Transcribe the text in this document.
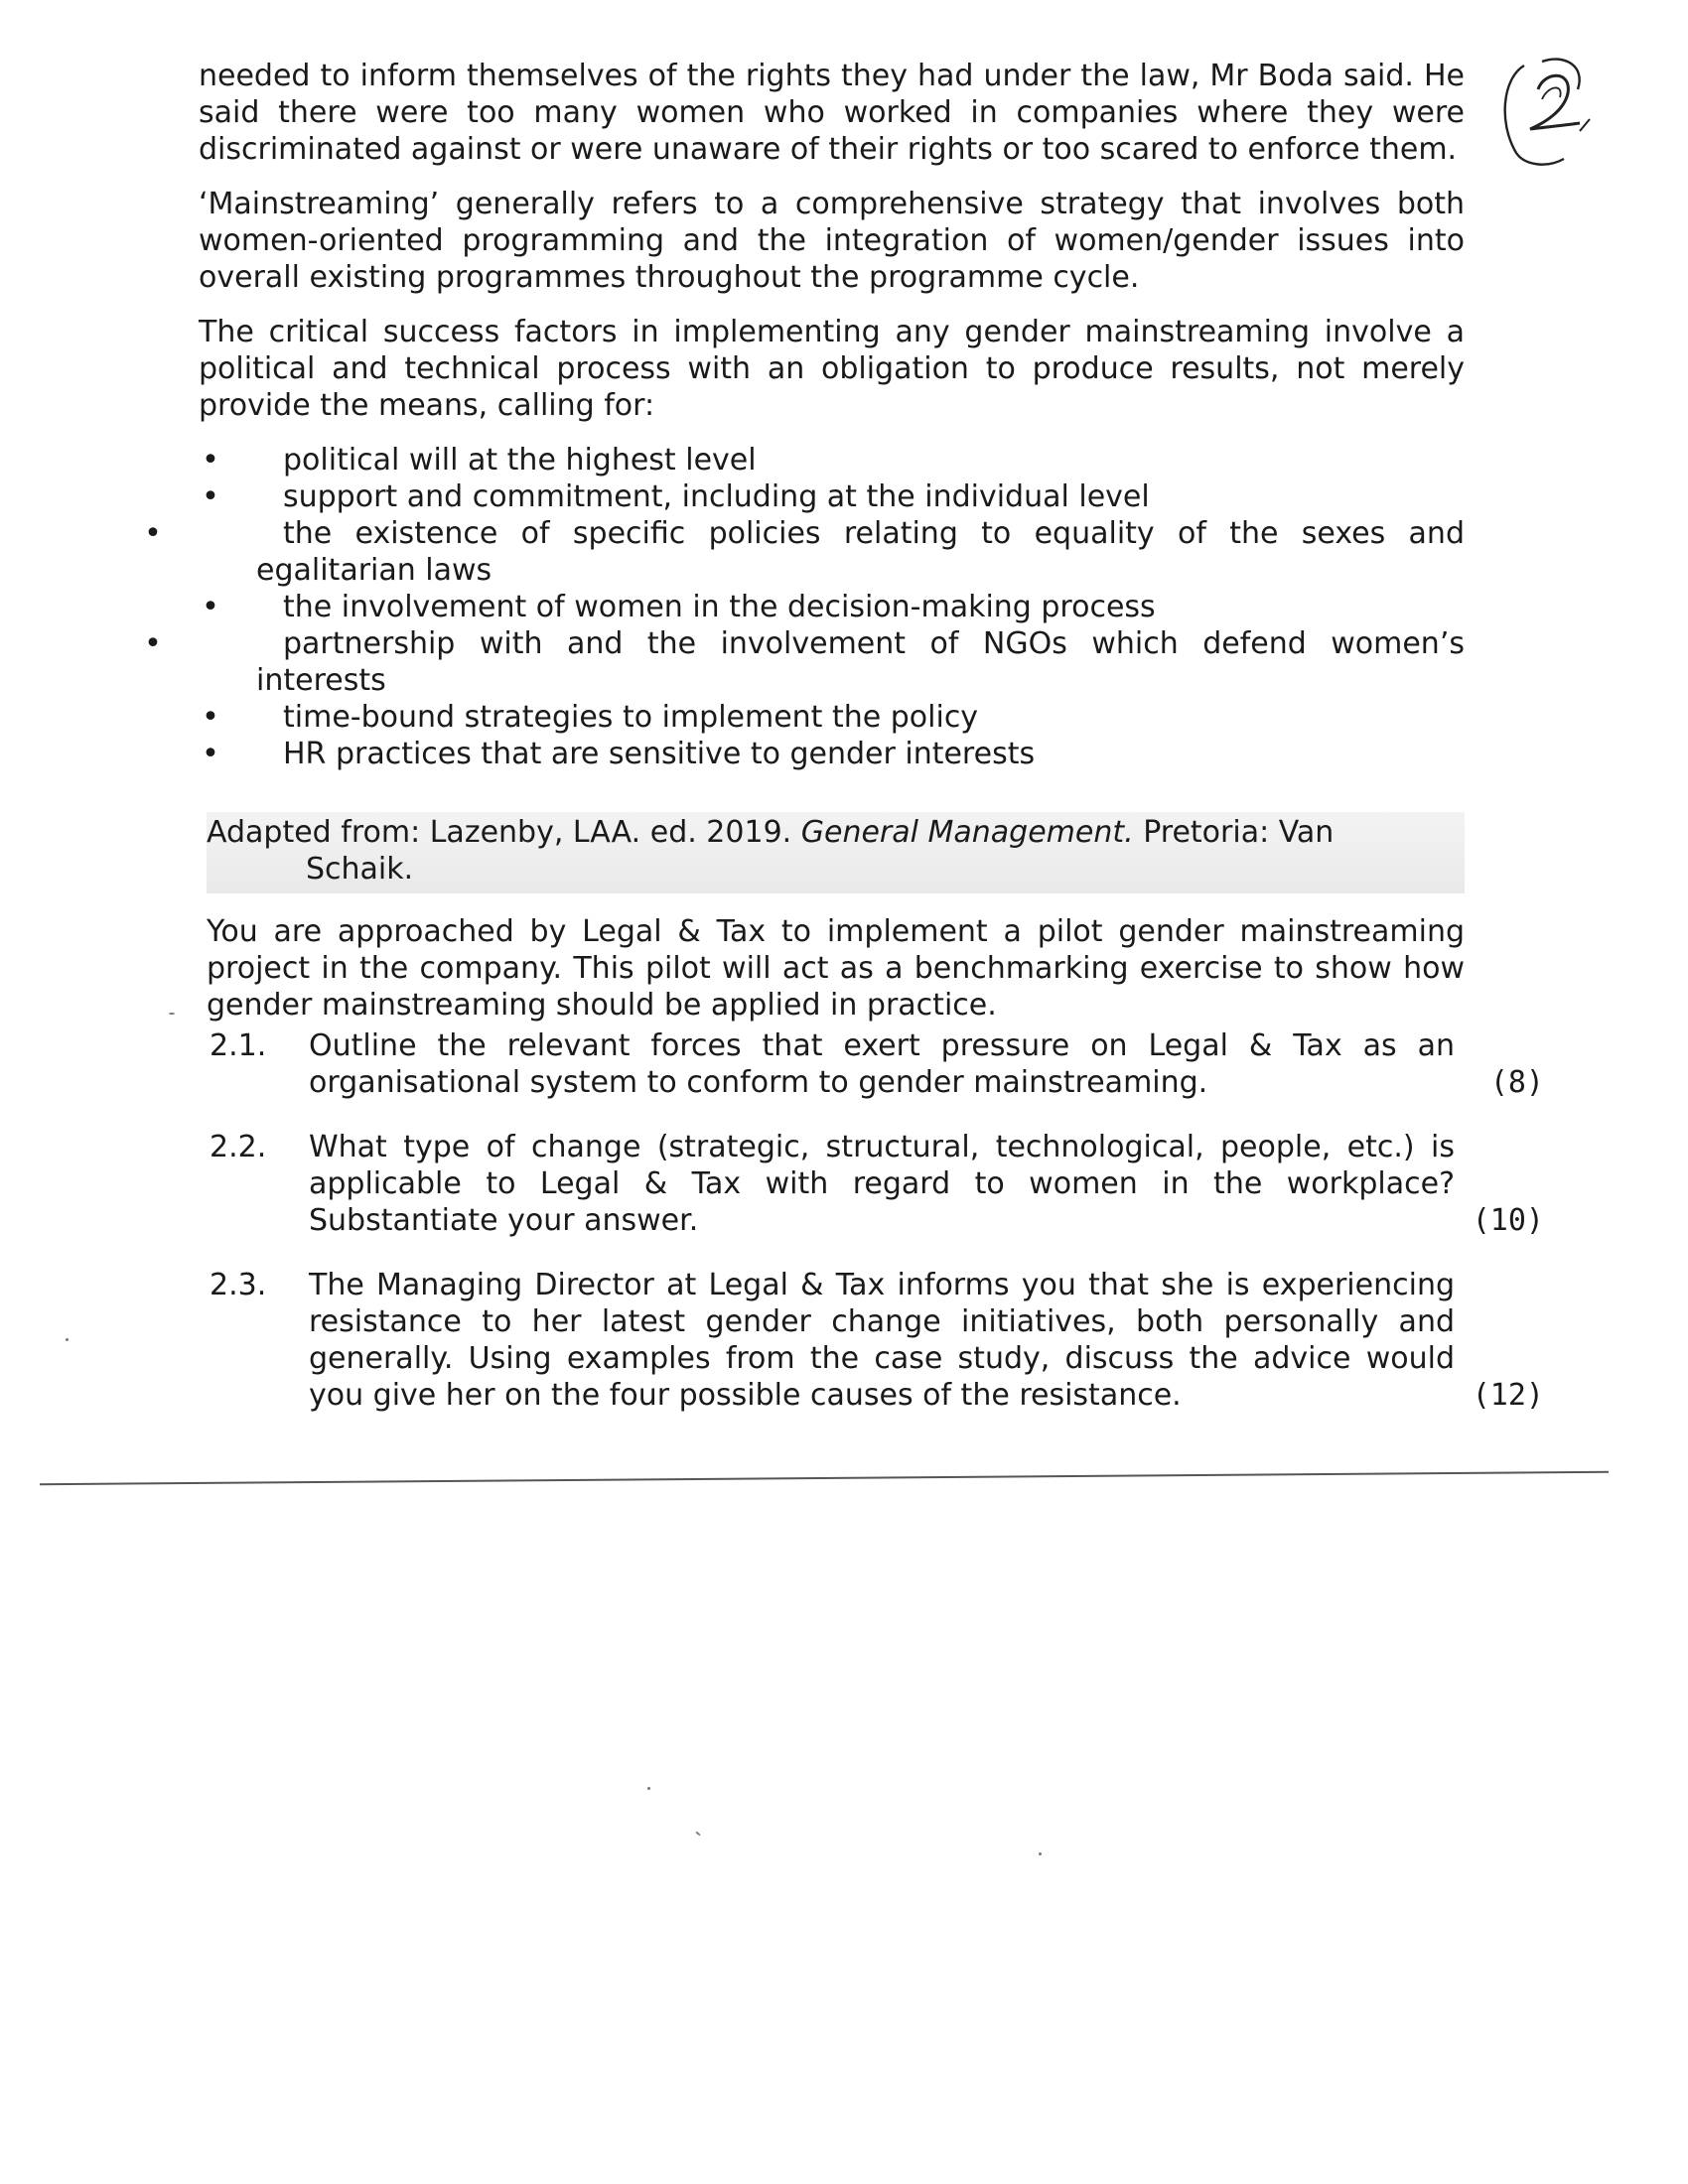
needed to inform themselves of the rights they had under the law, Mr Boda said. He said there were too many women who worked in companies where they were discriminated against or were unaware of their rights or too scared to enforce them.

‘Mainstreaming’ generally refers to a comprehensive strategy that involves both women-oriented programming and the integration of women/gender issues into overall existing programmes throughout the programme cycle.

The critical success factors in implementing any gender mainstreaming involve a political and technical process with an obligation to produce results, not merely provide the means, calling for:

• political will at the highest level
• support and commitment, including at the individual level
•	the existence of specific policies relating to equality of the sexes and egalitarian laws
• the involvement of women in the decision-making process
•	partnership with and the involvement of NGOs which defend women’s interests
• time-bound strategies to implement the policy
• HR practices that are sensitive to gender interests
Adapted from: Lazenby, LAA. ed. 2019. General Management. Pretoria: Van
Schaik.

You are approached by Legal & Tax to implement a pilot gender mainstreaming project in the company. This pilot will act as a benchmarking exercise to show how gender mainstreaming should be applied in practice.

2.1. Outline the relevant forces that exert pressure on Legal & Tax as an organisational system to conform to gender mainstreaming.	(8)
2.2. What type of change (strategic, structural, technological, people, etc.) is applicable to Legal & Tax with regard to women in the workplace? Substantiate your answer.	(10)
2.3. The Managing Director at Legal & Tax informs you that she is experiencing resistance to her latest gender change initiatives, both personally and generally. Using examples from the case study, discuss the advice would you give her on the four possible causes of the resistance.	(12)
